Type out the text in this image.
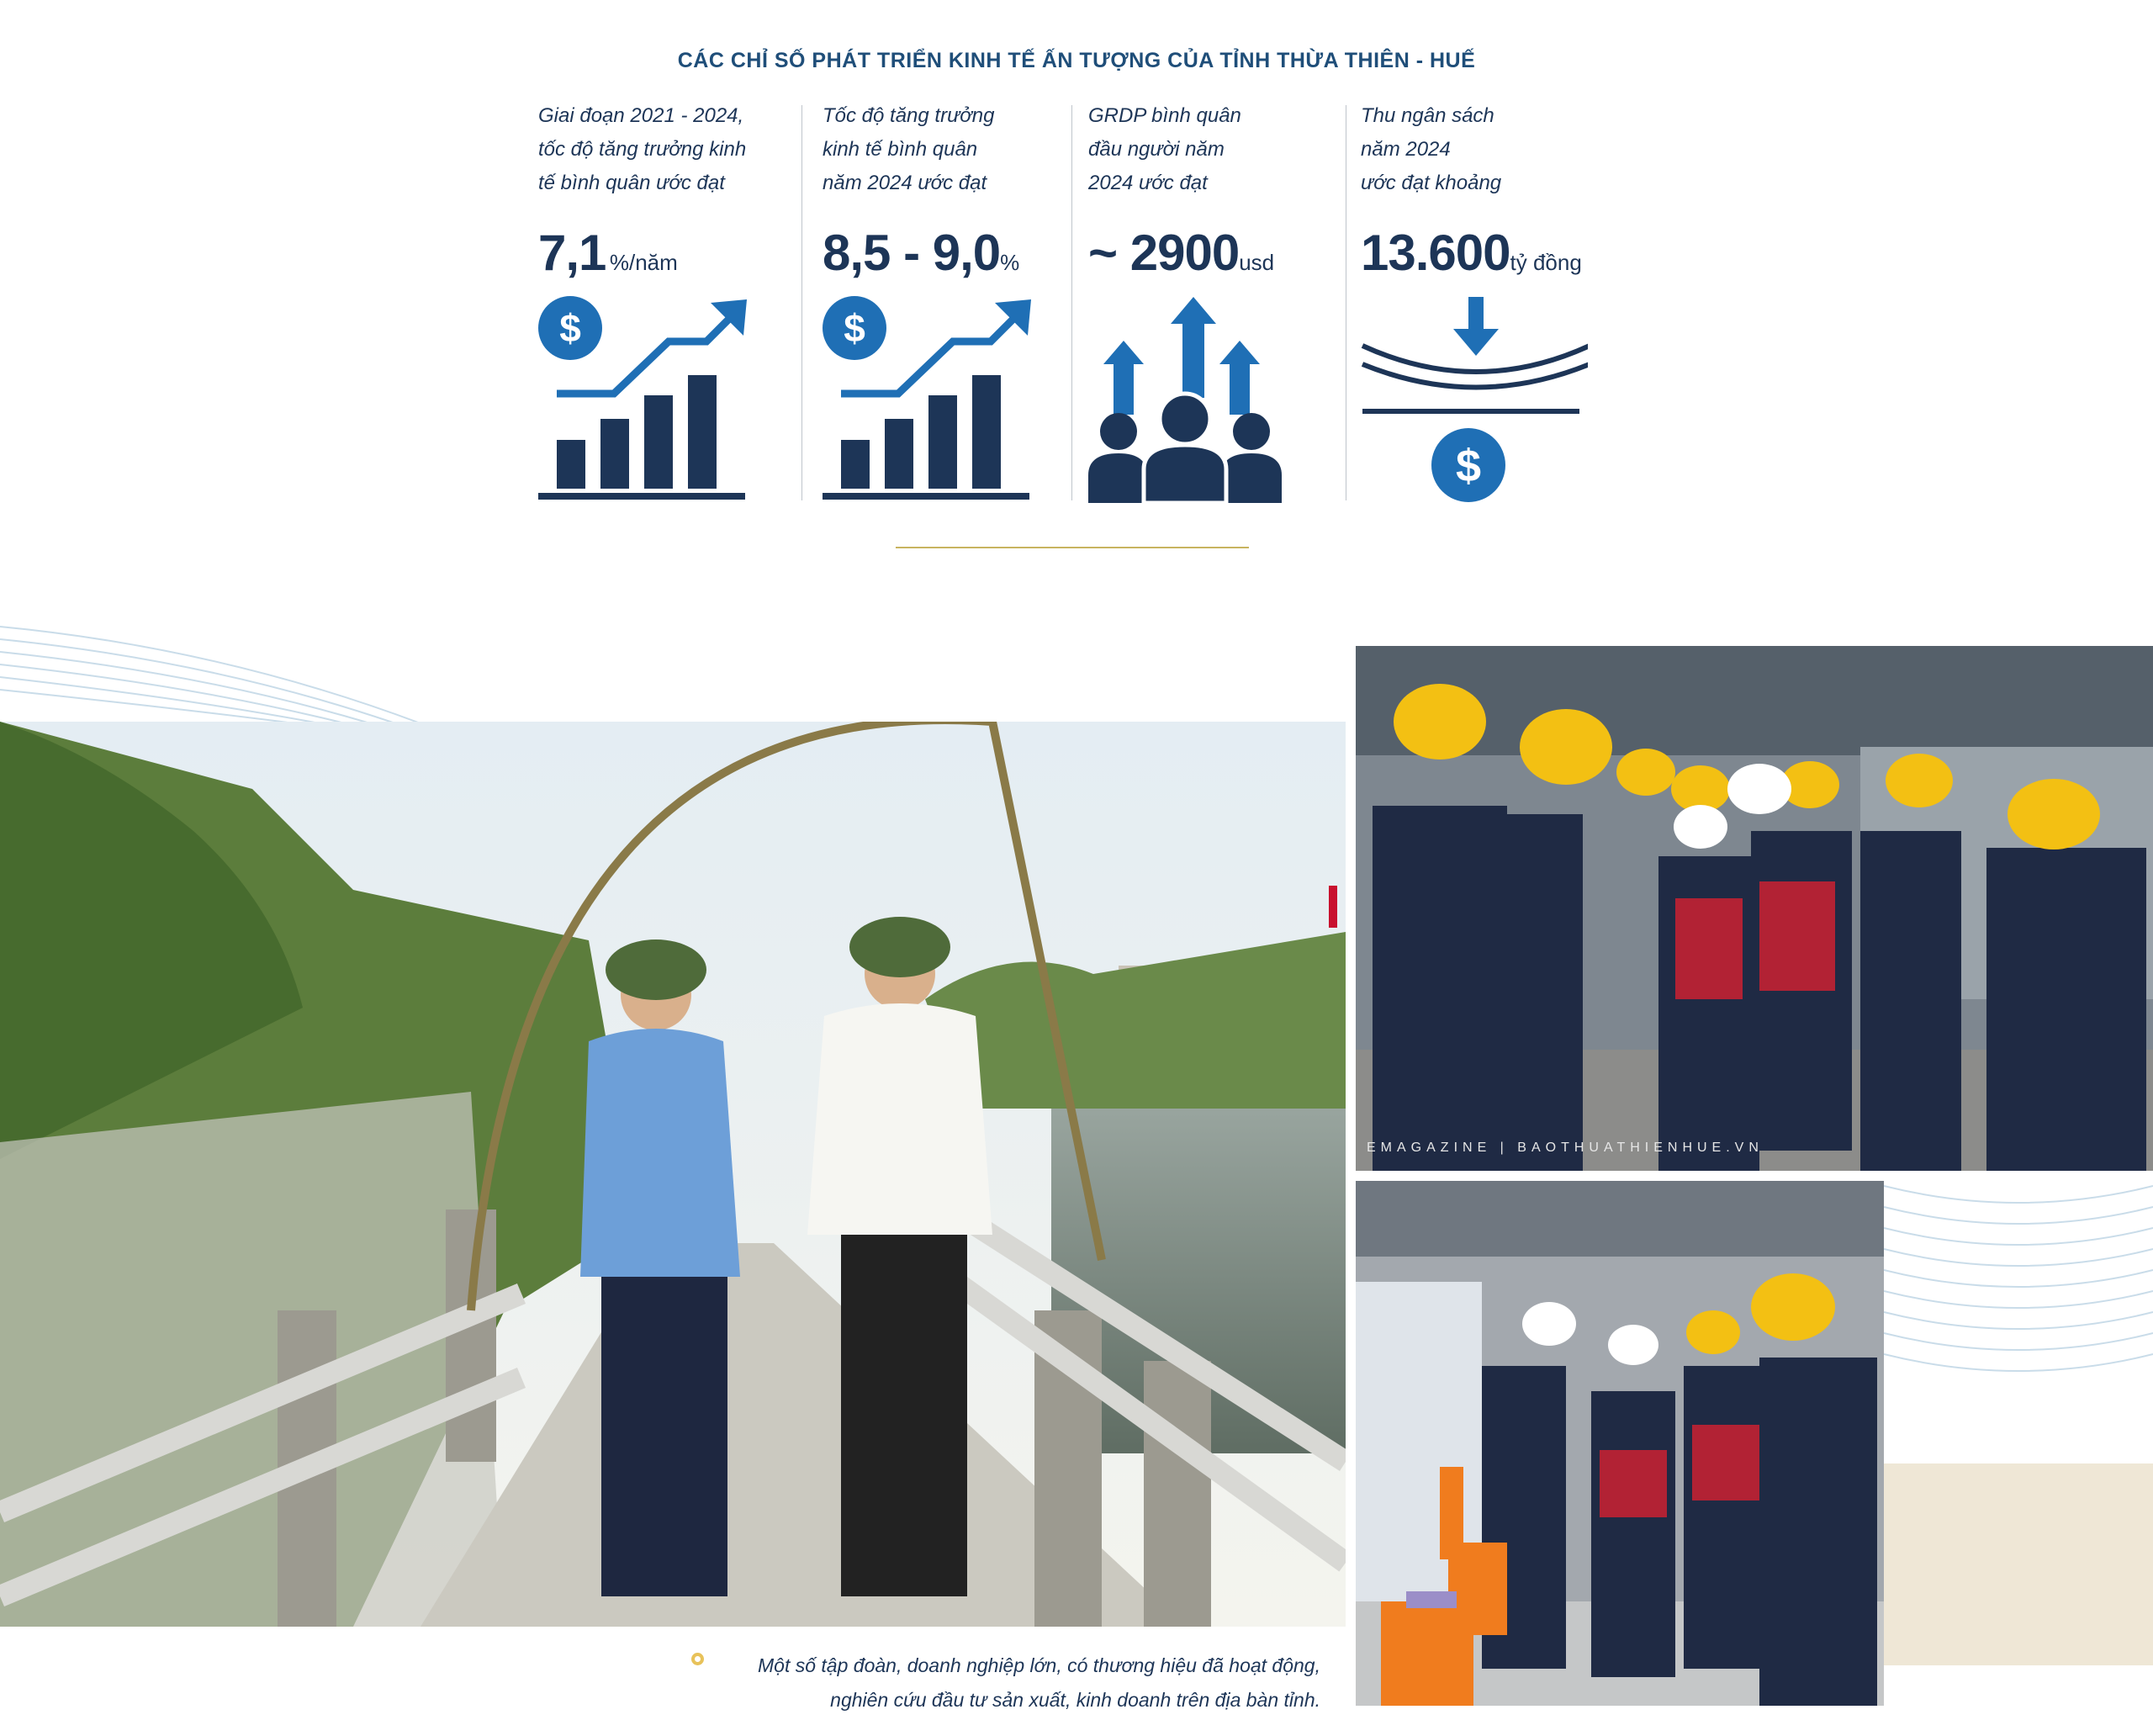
CÁC CHỈ SỐ PHÁT TRIỂN KINH TẾ ẤN TƯỢNG CỦA TỈNH THỪA THIÊN - HUẾ
Giai đoạn 2021 - 2024,
tốc độ tăng trưởng kinh
tế bình quân ước đạt
7,1 %/năm
$
Tốc độ tăng trưởng
kinh tế bình quân
năm 2024 ước đạt
8,5 - 9,0%
$
GRDP bình quân
đầu người năm
2024 ước đạt
~ 2900usd
Thu ngân sách
năm 2024
ước đạt khoảng
13.600tỷ đồng
$
EMAGAZINE | BAOTHUATHIENHUE.VN
Một số tập đoàn, doanh nghiệp lớn, có thương hiệu đã hoạt động,
nghiên cứu đầu tư sản xuất, kinh doanh trên địa bàn tỉnh.
